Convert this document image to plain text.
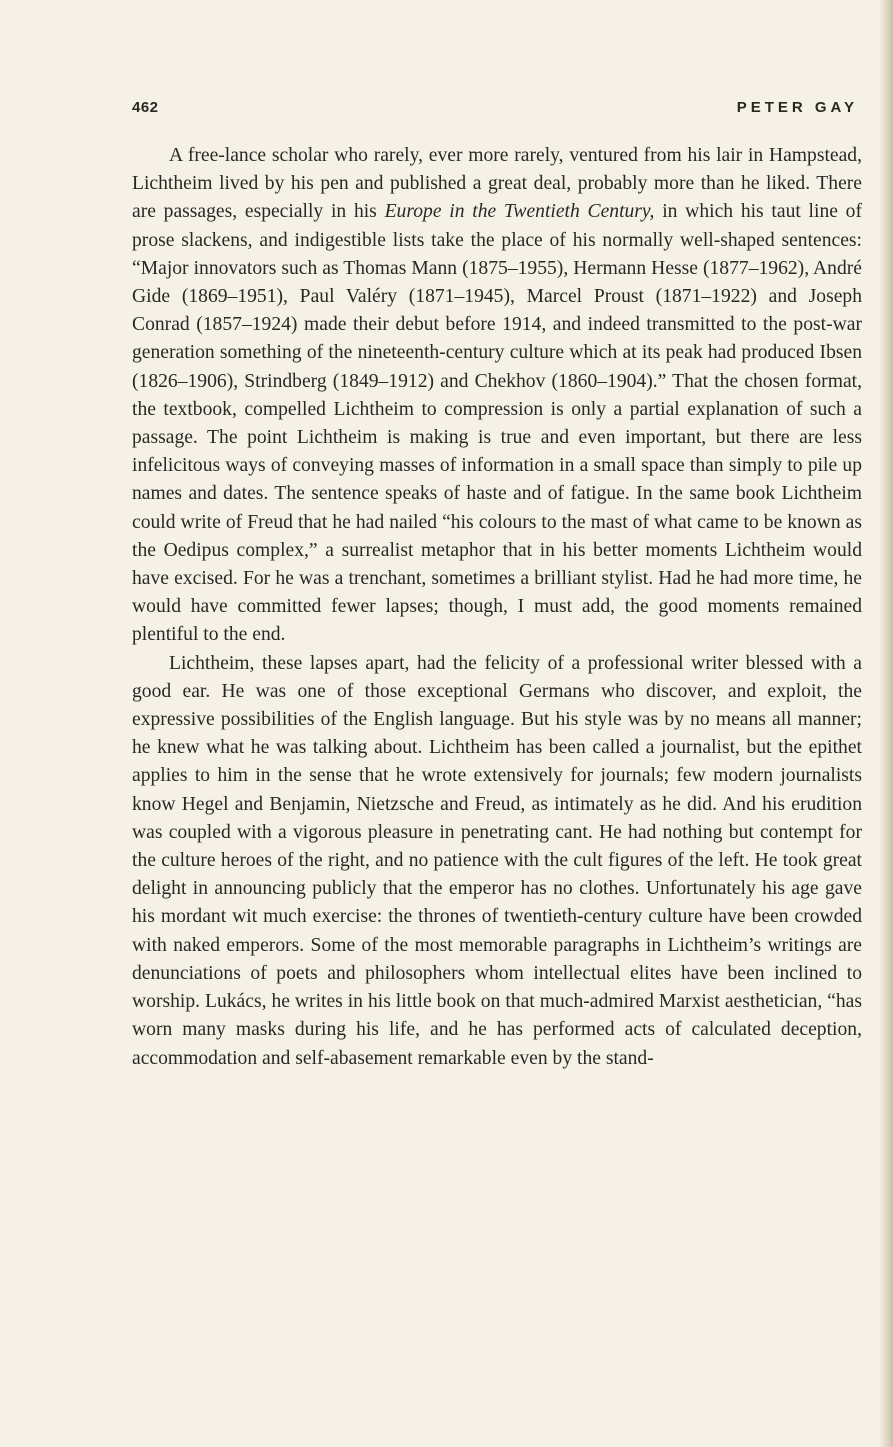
462	PETER GAY

A free-lance scholar who rarely, ever more rarely, ventured from his lair in Hampstead, Lichtheim lived by his pen and published a great deal, probably more than he liked. There are passages, especially in his Europe in the Twentieth Century, in which his taut line of prose slackens, and indigestible lists take the place of his normally well-shaped sentences: “Major innovators such as Thomas Mann (1875–1955), Hermann Hesse (1877–1962), André Gide (1869–1951), Paul Valéry (1871–1945), Marcel Proust (1871–1922) and Joseph Conrad (1857–1924) made their debut before 1914, and indeed transmitted to the post-war generation something of the nineteenth-century culture which at its peak had produced Ibsen (1826–1906), Strindberg (1849–1912) and Chekhov (1860–1904).” That the chosen format, the textbook, compelled Lichtheim to compression is only a partial explanation of such a passage. The point Lichtheim is making is true and even important, but there are less infelicitous ways of conveying masses of information in a small space than simply to pile up names and dates. The sentence speaks of haste and of fatigue. In the same book Lichtheim could write of Freud that he had nailed “his colours to the mast of what came to be known as the Oedipus complex,” a surrealist metaphor that in his better moments Lichtheim would have excised. For he was a trenchant, sometimes a brilliant stylist. Had he had more time, he would have committed fewer lapses; though, I must add, the good moments remained plentiful to the end.

Lichtheim, these lapses apart, had the felicity of a professional writer blessed with a good ear. He was one of those exceptional Germans who discover, and exploit, the expressive possibilities of the English language. But his style was by no means all manner; he knew what he was talking about. Lichtheim has been called a journalist, but the epithet applies to him in the sense that he wrote extensively for journals; few modern journalists know Hegel and Benjamin, Nietzsche and Freud, as intimately as he did. And his erudition was coupled with a vigorous pleasure in penetrating cant. He had nothing but contempt for the culture heroes of the right, and no patience with the cult figures of the left. He took great delight in announcing publicly that the emperor has no clothes. Unfortunately his age gave his mordant wit much exercise: the thrones of twentieth-century culture have been crowded with naked emperors. Some of the most memorable paragraphs in Lichtheim’s writings are denunciations of poets and philosophers whom intellectual elites have been inclined to worship. Lukács, he writes in his little book on that much-admired Marxist aesthetician, “has worn many masks during his life, and he has performed acts of calculated deception, accommodation and self-abasement remarkable even by the stand-
